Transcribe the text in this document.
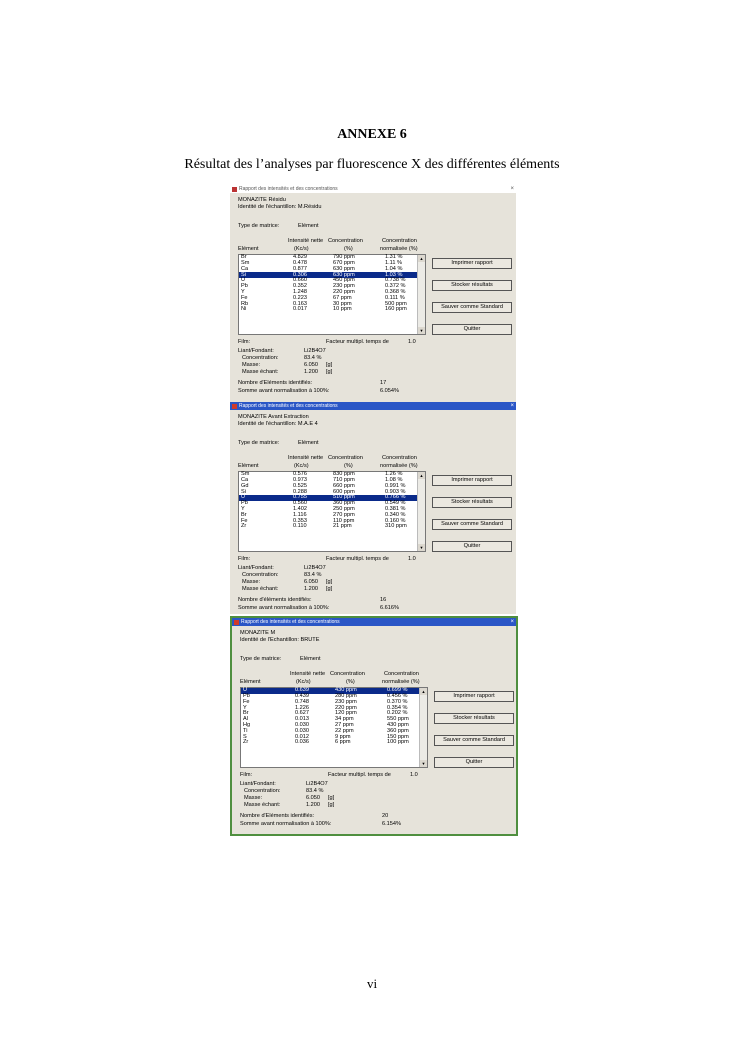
ANNEXE 6
Résultat des l’analyses par fluorescence X des différentes éléments
vi
Rapport des intensités et des concentrations	×
MONAZITE Résidu
Identité de l'échantillon: M.Résidu
Type de matrice:	Elément
Intensité nette Concentration	Concentration
Elément	(Kc/s)	(%)	normalisée (%)
Br	4.829	790 ppm	1.31 %
Sm	0.478	670 ppm	1.11 %
Ca	0.877	630 ppm	1.04 %
Si	0.306	630 ppm	1.03 %
U	0.660	450 ppm	0.738 %
Pb	0.352	230 ppm	0.372 %
Y	1.248	220 ppm	0.368 %
Fe	0.223	67 ppm	0.111 %
Rb	0.163	30 ppm	500 ppm
Ni	0.017	10 ppm	160 ppm
▲
▼
Imprimer rapport
Stocker résultats
Sauver comme Standard
Quitter
Film:	Facteur multipl. temps de	1.0
Liant/Fondant:	Li2B4O7
Concentration:	83.4 %
Masse:	6.050 [g]
Masse échant:	1.200 [g]
Nombre d'Eléments identifiés:	17
Somme avant normalisation à 100%:	6.054%
Rapport des intensités et des concentrations	×
MONAZITE Avant Extraction
Identité de l'échantillon: M.A.E 4
Type de matrice:	Elément
Intensité nette Concentration	Concentration
Elément	(Kc/s)	(%)	normalisée (%)
Sm	0.576	830 ppm	1.26 %
Ca	0.973	710 ppm	1.08 %
Gd	0.525	660 ppm	0.991 %
Si	0.288	600 ppm	0.903 %
U	0.755	510 ppm	0.766 %
Pb	0.560	360 ppm	0.549 %
Y	1.402	250 ppm	0.381 %
Br	1.116	270 ppm	0.340 %
Fe	0.353	110 ppm	0.160 %
Zr	0.110	21 ppm	310 ppm
▲
▼
Imprimer rapport
Stocker résultats
Sauver comme Standard
Quitter
Film:	Facteur multipl. temps de	1.0
Liant/Fondant:	Li2B4O7
Concentration:	83.4 %
Masse:	6.050 [g]
Masse échant:	1.200 [g]
Nombre d'éléments identifiés:	16
Somme avant normalisation à 100%:	6.616%
Rapport des intensités et des concentrations	×
MONAZITE M
Identité de l'Echantillon: BRUTE
Type de matrice:	Elément
Intensité nette Concentration	Concentration
Elément	(Kc/s)	(%)	normalisée (%)
U	0.639	430 ppm	0.699 %
Pb	0.439	280 ppm	0.456 %
Fe	0.748	230 ppm	0.370 %
Y	1.226	220 ppm	0.354 %
Br	0.627	120 ppm	0.202 %
Al	0.013	34 ppm	550 ppm
Hg	0.030	27 ppm	430 ppm
Ti	0.030	22 ppm	360 ppm
S	0.012	9 ppm	150 ppm
Zr	0.036	6 ppm	100 ppm
▲
▼
Imprimer rapport
Stocker résultats
Sauver comme Standard
Quitter
Film:	Facteur multipl. temps de	1.0
Liant/Fondant:	Li2B4O7
Concentration:	83.4 %
Masse:	6.050 [g]
Masse échant:	1.200 [g]
Nombre d'Eléments identifiés:	20
Somme avant normalisation à 100%:	6.154%
